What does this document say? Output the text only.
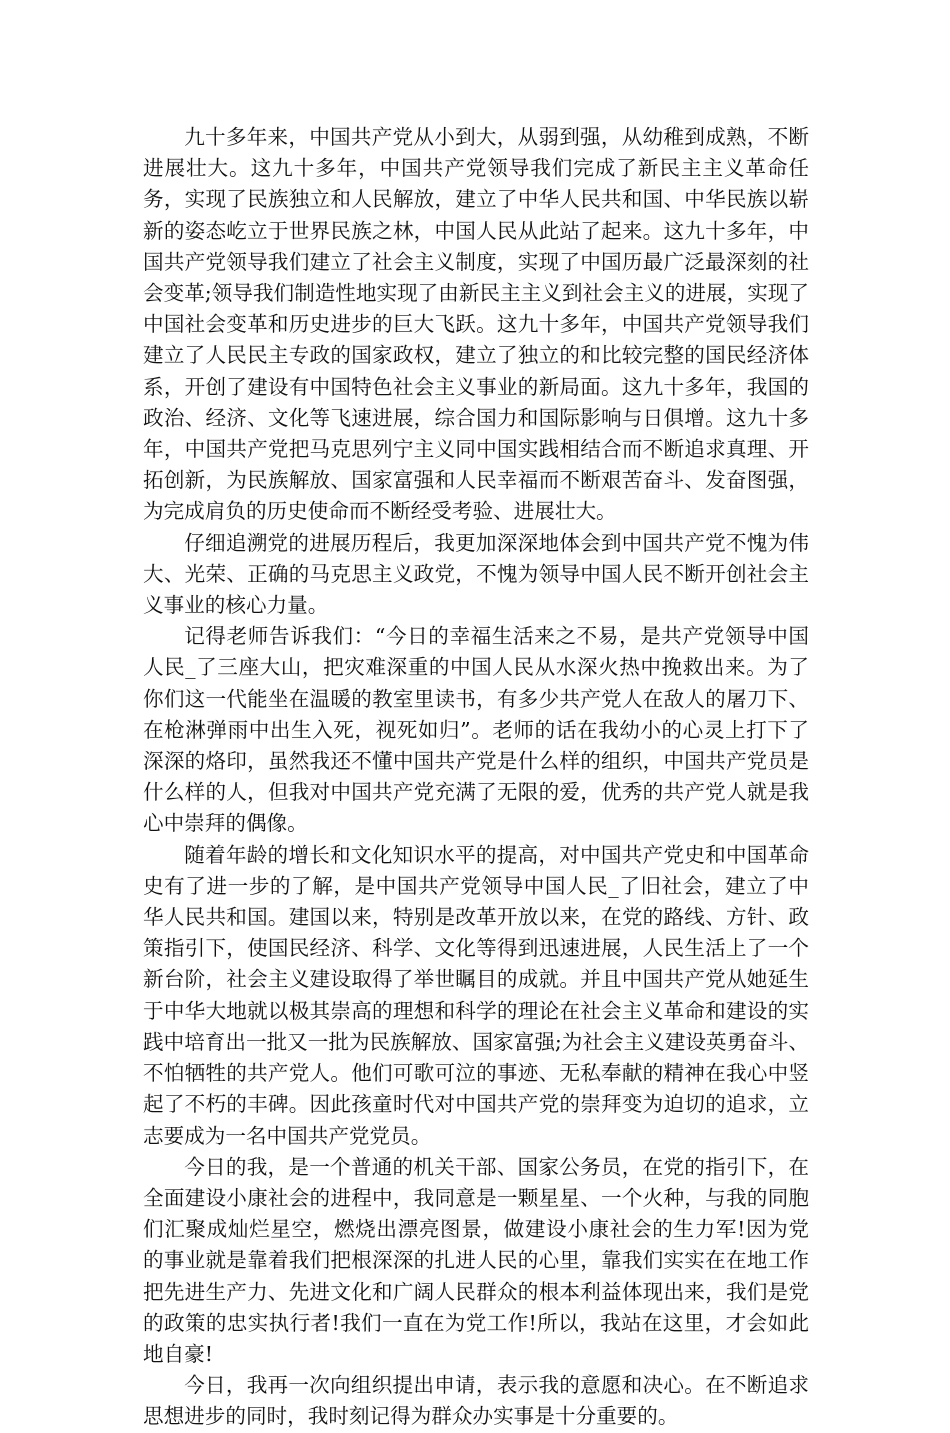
九十多年来，中国共产党从小到大，从弱到强，从幼稚到成熟，不断进展壮大。这九十多年，中国共产党领导我们完成了新民主主义革命任务，实现了民族独立和人民解放，建立了中华人民共和国、中华民族以崭新的姿态屹立于世界民族之林，中国人民从此站了起来。这九十多年，中国共产党领导我们建立了社会主义制度，实现了中国历最广泛最深刻的社会变革;领导我们制造性地实现了由新民主主义到社会主义的进展，实现了中国社会变革和历史进步的巨大飞跃。这九十多年，中国共产党领导我们建立了人民民主专政的国家政权，建立了独立的和比较完整的国民经济体系，开创了建设有中国特色社会主义事业的新局面。这九十多年，我国的政治、经济、文化等飞速进展，综合国力和国际影响与日俱增。这九十多年，中国共产党把马克思列宁主义同中国实践相结合而不断追求真理、开拓创新，为民族解放、国家富强和人民幸福而不断艰苦奋斗、发奋图强，为完成肩负的历史使命而不断经受考验、进展壮大。

仔细追溯党的进展历程后，我更加深深地体会到中国共产党不愧为伟大、光荣、正确的马克思主义政党，不愧为领导中国人民不断开创社会主义事业的核心力量。

记得老师告诉我们：“今日的幸福生活来之不易，是共产党领导中国人民_了三座大山，把灾难深重的中国人民从水深火热中挽救出来。为了你们这一代能坐在温暖的教室里读书，有多少共产党人在敌人的屠刀下、在枪淋弹雨中出生入死，视死如归”。老师的话在我幼小的心灵上打下了深深的烙印，虽然我还不懂中国共产党是什么样的组织，中国共产党员是什么样的人，但我对中国共产党充满了无限的爱，优秀的共产党人就是我心中崇拜的偶像。

随着年龄的增长和文化知识水平的提高，对中国共产党史和中国革命史有了进一步的了解，是中国共产党领导中国人民_了旧社会，建立了中华人民共和国。建国以来，特别是改革开放以来，在党的路线、方针、政策指引下，使国民经济、科学、文化等得到迅速进展，人民生活上了一个新台阶，社会主义建设取得了举世瞩目的成就。并且中国共产党从她延生于中华大地就以极其崇高的理想和科学的理论在社会主义革命和建设的实践中培育出一批又一批为民族解放、国家富强;为社会主义建设英勇奋斗、不怕牺牲的共产党人。他们可歌可泣的事迹、无私奉献的精神在我心中竖起了不朽的丰碑。因此孩童时代对中国共产党的崇拜变为迫切的追求，立志要成为一名中国共产党党员。

今日的我，是一个普通的机关干部、国家公务员，在党的指引下，在全面建设小康社会的进程中，我同意是一颗星星、一个火种，与我的同胞们汇聚成灿烂星空，燃烧出漂亮图景，做建设小康社会的生力军!因为党的事业就是靠着我们把根深深的扎进人民的心里，靠我们实实在在地工作把先进生产力、先进文化和广阔人民群众的根本利益体现出来，我们是党的政策的忠实执行者!我们一直在为党工作!所以，我站在这里，才会如此地自豪!

今日，我再一次向组织提出申请，表示我的意愿和决心。在不断追求思想进步的同时，我时刻记得为群众办实事是十分重要的。
